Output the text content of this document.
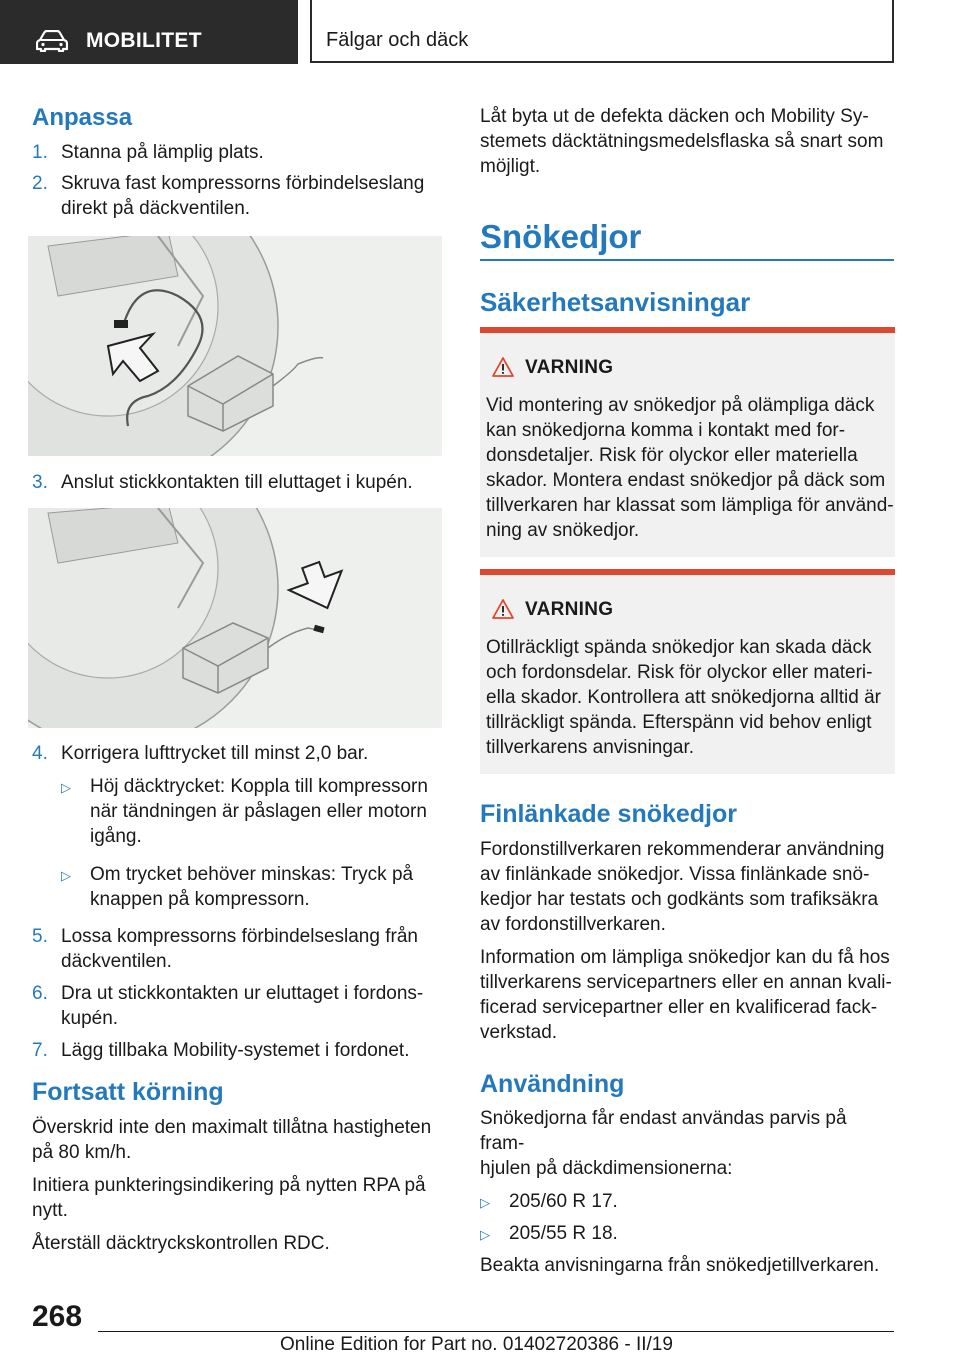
MOBILITET	Fälgar och däck
Anpassa
1. Stanna på lämplig plats.
2. Skruva fast kompressorns förbindelseslang
direkt på däckventilen.
3. Anslut stickkontakten till eluttaget i kupén.
4. Korrigera lufttrycket till minst 2,0 bar.
▷ Höj däcktrycket: Koppla till kompressorn
när tändningen är påslagen eller motorn
igång.
▷ Om trycket behöver minskas: Tryck på
knappen på kompressorn.
5. Lossa kompressorns förbindelseslang från
däckventilen.
6. Dra ut stickkontakten ur eluttaget i fordons-
kupén.
7. Lägg tillbaka Mobility-systemet i fordonet.
Fortsatt körning
Överskrid inte den maximalt tillåtna hastigheten
på 80 km/h.
Initiera punkteringsindikering på nytten RPA på
nytt.
Återställ däcktryckskontrollen RDC.
Låt byta ut de defekta däcken och Mobility Sy-
stemets däcktätningsmedelsflaska så snart som
möjligt.
Snökedjor
Säkerhetsanvisningar
VARNING
Vid montering av snökedjor på olämpliga däck
kan snökedjorna komma i kontakt med for-
donsdetaljer. Risk för olyckor eller materiella
skador. Montera endast snökedjor på däck som
tillverkaren har klassat som lämpliga för använd-
ning av snökedjor.
VARNING
Otillräckligt spända snökedjor kan skada däck
och fordonsdelar. Risk för olyckor eller materi-
ella skador. Kontrollera att snökedjorna alltid är
tillräckligt spända. Efterspänn vid behov enligt
tillverkarens anvisningar.
Finlänkade snökedjor
Fordonstillverkaren rekommenderar användning
av finlänkade snökedjor. Vissa finlänkade snö-
kedjor har testats och godkänts som trafiksäkra
av fordonstillverkaren.
Information om lämpliga snökedjor kan du få hos
tillverkarens servicepartners eller en annan kvali-
ficerad servicepartner eller en kvalificerad fack-
verkstad.
Användning
Snökedjorna får endast användas parvis på fram-
hjulen på däckdimensionerna:
▷ 205/60 R 17.
▷ 205/55 R 18.
Beakta anvisningarna från snökedjetillverkaren.
268
Online Edition for Part no. 01402720386 - II/19
